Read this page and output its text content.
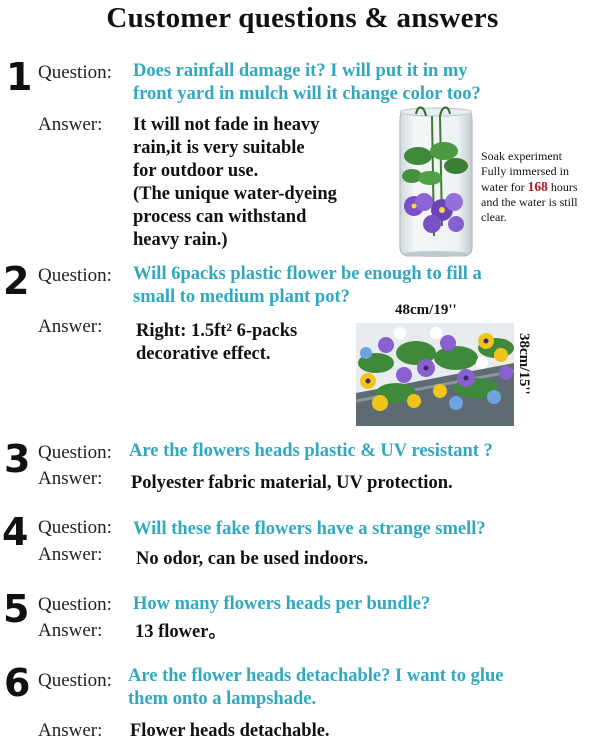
Customer questions & answers
1 Question: Does rainfall damage it? I will put it in my
front yard in mulch will it change color too?
Answer: It will not fade in heavy
rain,it is very suitable
for outdoor use.
(The unique water-dyeing
process can withstand
heavy rain.)
Soak experiment
Fully immersed in
water for 168 hours
and the water is still
clear.
2 Question: Will 6packs plastic flower be enough to fill a
small to medium plant pot?
Answer: Right: 1.5ft² 6-packs
decorative effect.
48cm/19''
38cm/15''
3 Question: Are the flowers heads plastic & UV resistant ?
Answer: Polyester fabric material, UV protection.
4 Question: Will these fake flowers have a strange smell?
Answer: No odor, can be used indoors.
5 Question: How many flowers heads per bundle?
Answer: 13 flower。
6 Question: Are the flower heads detachable? I want to glue
them onto a lampshade.
Answer: Flower heads detachable.
